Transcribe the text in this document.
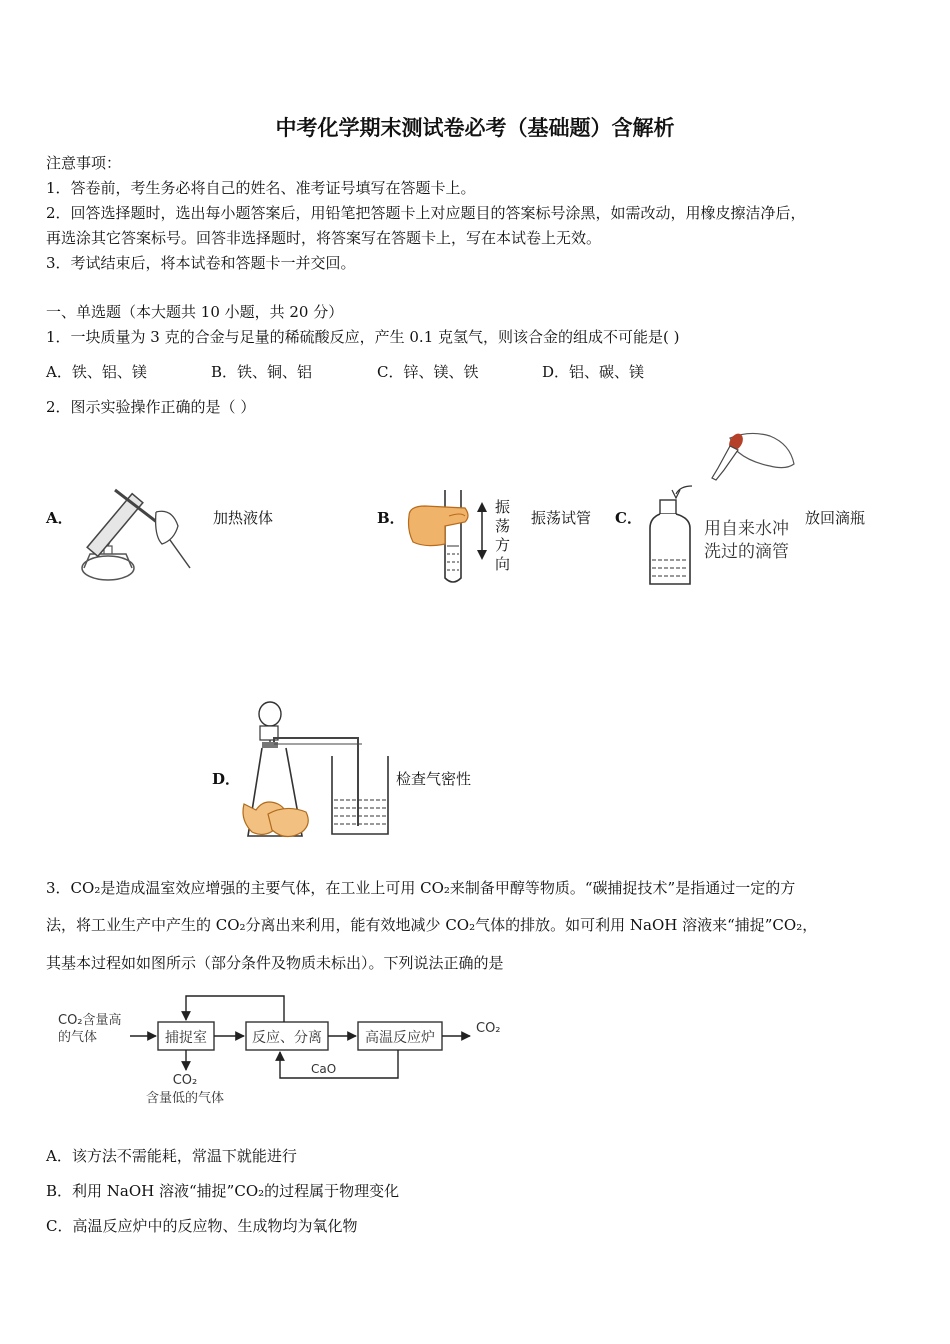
中考化学期末测试卷必考（基础题）含解析
注意事项：
1．答卷前，考生务必将自己的姓名、准考证号填写在答题卡上。
2．回答选择题时，选出每小题答案后，用铅笔把答题卡上对应题目的答案标号涂黑，如需改动，用橡皮擦洁净后，
再选涂其它答案标号。回答非选择题时，将答案写在答题卡上，写在本试卷上无效。
3．考试结束后，将本试卷和答题卡一并交回。
一、单选题（本大题共 10 小题，共 20 分）
1．一块质量为 3 克的合金与足量的稀硫酸反应，产生 0.1 克氢气，则该合金的组成不可能是( )
A．铁、铝、镁	B．铁、铜、铝	C．锌、镁、铁	D．铝、碳、镁
2．图示实验操作正确的是（ ）
A．	加热液体	B．
振
荡
方
向
振荡试管 C．
用自来水冲
洗过的滴管
放回滴瓶
D．	检查气密性
3．CO₂是造成温室效应增强的主要气体，在工业上可用 CO₂来制备甲醇等物质。“碳捕捉技术”是指通过一定的方
法，将工业生产中产生的 CO₂分离出来利用，能有效地减少 CO₂气体的排放。如可利用 NaOH 溶液来“捕捉”CO₂，
其基本过程如如图所示（部分条件及物质未标出）。下列说法正确的是
CO₂含量高
的气体	捕捉室	反应、分离	高温反应炉
CO₂
CaO
CO₂
含量低的气体
A．该方法不需能耗，常温下就能进行
B．利用 NaOH 溶液“捕捉”CO₂的过程属于物理变化
C．高温反应炉中的反应物、生成物均为氧化物
